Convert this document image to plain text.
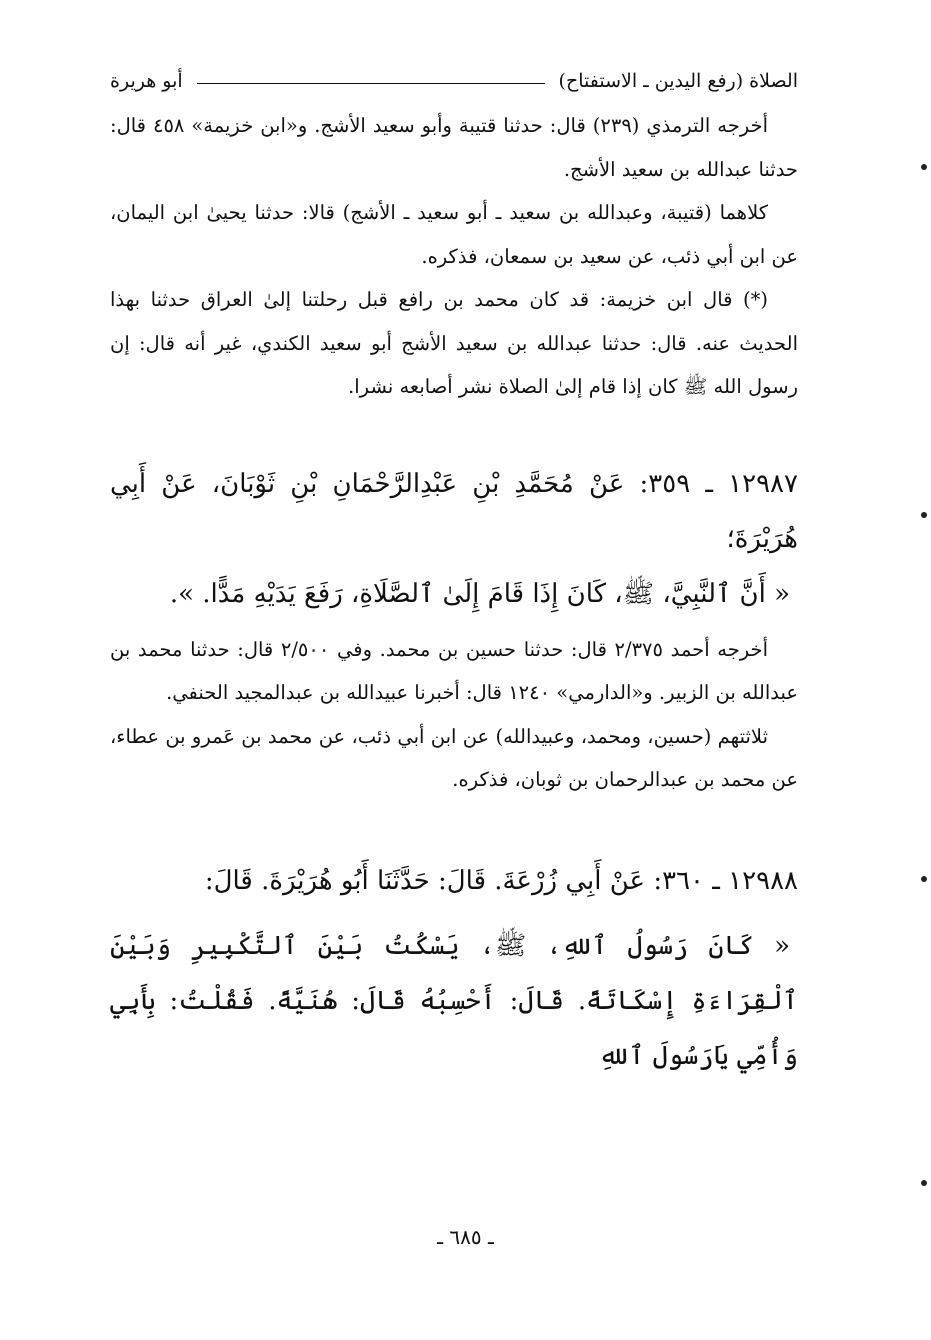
الصلاة (رفع اليدين ـ الاستفتاح)
أبو هريرة

أخرجه الترمذي (٢٣٩) قال: حدثنا قتيبة وأبو سعيد الأشج. و«ابن خزيمة» ٤٥٨ قال: حدثنا عبدالله بن سعيد الأشج.

كلاهما (قتيبة، وعبدالله بن سعيد ـ أبو سعيد ـ الأشج) قالا: حدثنا يحيىٰ ابن اليمان، عن ابن أبي ذئب، عن سعيد بن سمعان، فذكره.

(*) قال ابن خزيمة: قد كان محمد بن رافع قبل رحلتنا إلىٰ العراق حدثنا بهذا الحديث عنه. قال: حدثنا عبدالله بن سعيد الأشج أبو سعيد الكندي، غير أنه قال: إن رسول الله ﷺ كان إذا قام إلىٰ الصلاة نشر أصابعه نشرا.

١٢٩٨٧ ـ ٣٥٩: عَنْ مُحَمَّدِ بْنِ عَبْدِالرَّحْمَانِ بْنِ ثَوْبَانَ، عَنْ أَبِي هُرَيْرَةَ؛

« أَنَّ ٱلنَّبِيَّ، ﷺ، كَانَ إِذَا قَامَ إِلَىٰ ٱلصَّلَاةِ، رَفَعَ يَدَيْهِ مَدًّا. ».

أخرجه أحمد ٢/٣٧٥ قال: حدثنا حسين بن محمد. وفي ٢/٥٠٠ قال: حدثنا محمد بن عبدالله بن الزبير. و«الدارمي» ١٢٤٠ قال: أخبرنا عبيدالله بن عبدالمجيد الحنفي.

ثلاثتهم (حسين، ومحمد، وعبيدالله) عن ابن أبي ذئب، عن محمد بن عَمرو بن عطاء، عن محمد بن عبدالرحمان بن ثوبان، فذكره.

١٢٩٨٨ ـ ٣٦٠: عَنْ أَبِي زُرْعَةَ. قَالَ: حَدَّثَنَا أَبُو هُرَيْرَةَ. قَالَ:

« كَانَ رَسُولُ ٱللهِ، ﷺ، يَسْكُتُ بَيْنَ ٱلتَّكْبِيرِ وَبَيْنَ ٱلْقِرَاءَةِ إِسْكَاتَةً. قَالَ: أَحْسِبُهُ قَالَ: هُنَيَّةً. فَقُلْتُ: بِأَبِي وَأُمِّي يَارَسُولَ ٱللهِ

ـ ٦٨٥ ـ
